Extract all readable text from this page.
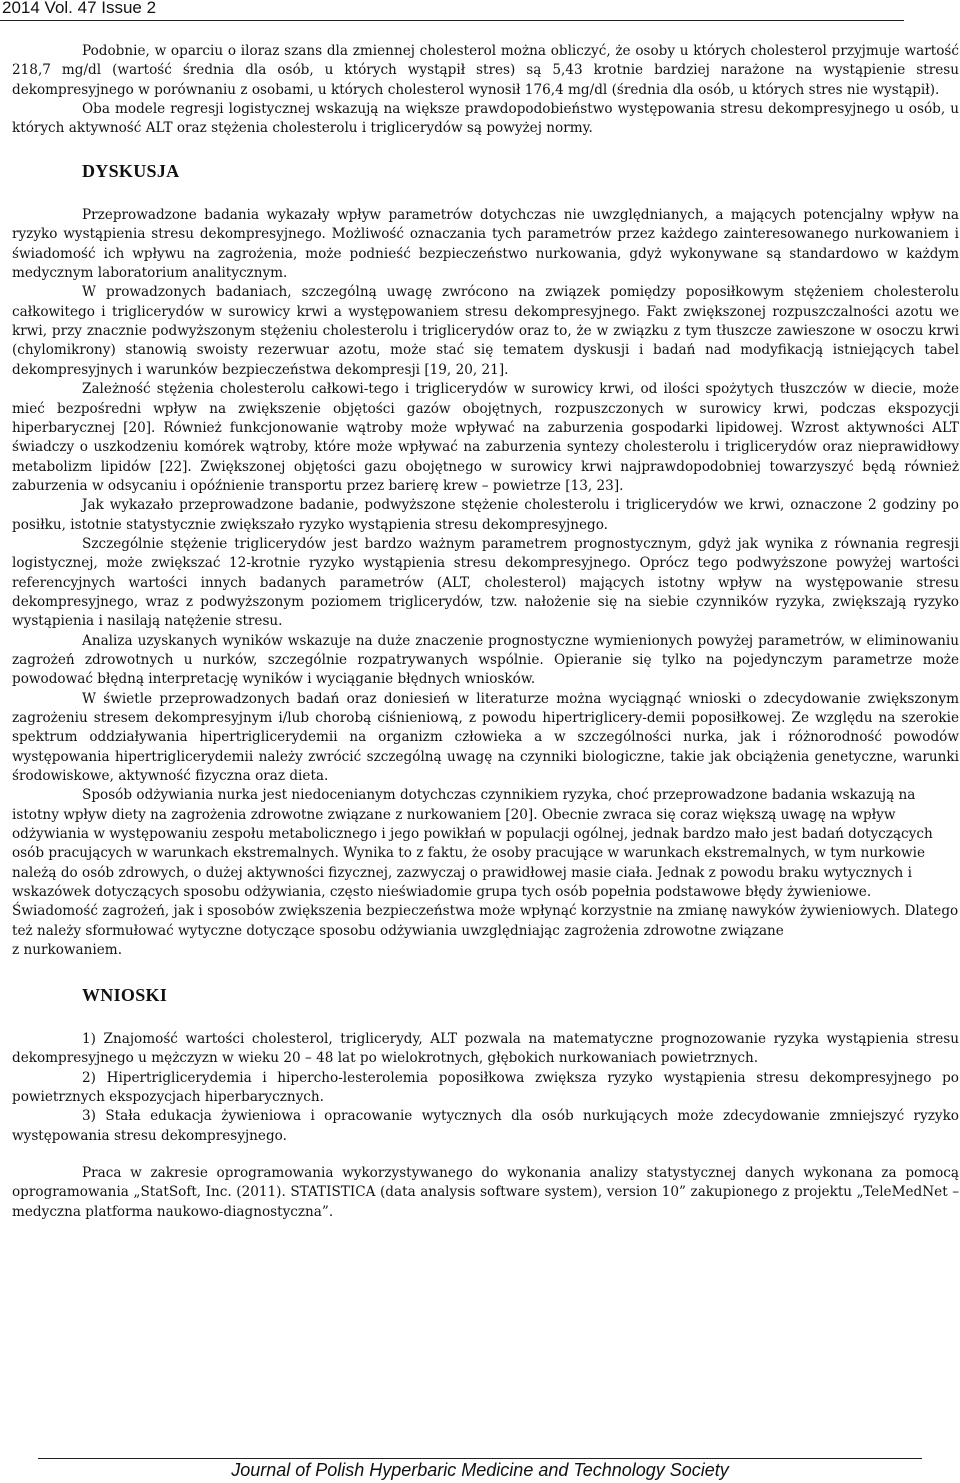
2014 Vol. 47 Issue 2

Podobnie, w oparciu o iloraz szans dla zmiennej cholesterol można obliczyć, że osoby u których cholesterol przyjmuje wartość 218,7 mg/dl (wartość średnia dla osób, u których wystąpił stres) są 5,43 krotnie bardziej narażone na wystąpienie stresu dekompresyjnego w porównaniu z osobami, u których cholesterol wynosił 176,4 mg/dl (średnia dla osób, u których stres nie wystąpił).

Oba modele regresji logistycznej wskazują na większe prawdopodobieństwo występowania stresu dekompresyjnego u osób, u których aktywność ALT oraz stężenia cholesterolu i triglicerydów są powyżej normy.

DYSKUSJA

Przeprowadzone badania wykazały wpływ parametrów dotychczas nie uwzględnianych, a mających potencjalny wpływ na ryzyko wystąpienia stresu dekompresyjnego. Możliwość oznaczania tych parametrów przez każdego zainteresowanego nurkowaniem i świadomość ich wpływu na zagrożenia, może podnieść bezpieczeństwo nurkowania, gdyż wykonywane są standardowo w każdym medycznym laboratorium analitycznym.

W prowadzonych badaniach, szczególną uwagę zwrócono na związek pomiędzy poposiłkowym stężeniem cholesterolu całkowitego i triglicerydów w surowicy krwi a występowaniem stresu dekompresyjnego. Fakt zwiększonej rozpuszczalności azotu we krwi, przy znacznie podwyższonym stężeniu cholesterolu i triglicerydów oraz to, że w związku z tym tłuszcze zawieszone w osoczu krwi (chylomikrony) stanowią swoisty rezerwuar azotu, może stać się tematem dyskusji i badań nad modyfikacją istniejących tabel dekompresyjnych i warunków bezpieczeństwa dekompresji [19, 20, 21].

Zależność stężenia cholesterolu całkowi-tego i triglicerydów w surowicy krwi, od ilości spożytych tłuszczów w diecie, może mieć bezpośredni wpływ na zwiększenie objętości gazów obojętnych, rozpuszczonych w surowicy krwi, podczas ekspozycji hiperbarycznej [20]. Również funkcjonowanie wątroby może wpływać na zaburzenia gospodarki lipidowej. Wzrost aktywności ALT świadczy o uszkodzeniu komórek wątroby, które może wpływać na zaburzenia syntezy cholesterolu i triglicerydów oraz nieprawidłowy metabolizm lipidów [22]. Zwiększonej objętości gazu obojętnego w surowicy krwi najprawdopodobniej towarzyszyć będą również zaburzenia w odsycaniu i opóźnienie transportu przez barierę krew – powietrze [13, 23].

Jak wykazało przeprowadzone badanie, podwyższone stężenie cholesterolu i triglicerydów we krwi, oznaczone 2 godziny po posiłku, istotnie statystycznie zwiększało ryzyko wystąpienia stresu dekompresyjnego.

Szczególnie stężenie triglicerydów jest bardzo ważnym parametrem prognostycznym, gdyż jak wynika z równania regresji logistycznej, może zwiększać 12-krotnie ryzyko wystąpienia stresu dekompresyjnego. Oprócz tego podwyższone powyżej wartości referencyjnych wartości innych badanych parametrów (ALT, cholesterol) mających istotny wpływ na występowanie stresu dekompresyjnego, wraz z podwyższonym poziomem triglicerydów, tzw. nałożenie się na siebie czynników ryzyka, zwiększają ryzyko wystąpienia i nasilają natężenie stresu.

Analiza uzyskanych wyników wskazuje na duże znaczenie prognostyczne wymienionych powyżej parametrów, w eliminowaniu zagrożeń zdrowotnych u nurków, szczególnie rozpatrywanych wspólnie. Opieranie się tylko na pojedynczym parametrze może powodować błędną interpretację wyników i wyciąganie błędnych wniosków.

W świetle przeprowadzonych badań oraz doniesień w literaturze można wyciągnąć wnioski o zdecydowanie zwiększonym zagrożeniu stresem dekompresyjnym i/lub chorobą ciśnieniową, z powodu hipertriglicery-demii poposiłkowej. Ze względu na szerokie spektrum oddziaływania hipertriglicerydemii na organizm człowieka a w szczególności nurka, jak i różnorodność powodów występowania hipertriglicerydemii należy zwrócić szczególną uwagę na czynniki biologiczne, takie jak obciążenia genetyczne, warunki środowiskowe, aktywność fizyczna oraz dieta.

Sposób odżywiania nurka jest niedocenianym dotychczas czynnikiem ryzyka, choć przeprowadzone badania wskazują na istotny wpływ diety na zagrożenia zdrowotne związane z nurkowaniem [20]. Obecnie zwraca się coraz większą uwagę na wpływ odżywiania w występowaniu zespołu metabolicznego i jego powikłań w populacji ogólnej, jednak bardzo mało jest badań dotyczących osób pracujących w warunkach ekstremalnych. Wynika to z faktu, że osoby pracujące w warunkach ekstremalnych, w tym nurkowie należą do osób zdrowych, o dużej aktywności fizycznej, zazwyczaj o prawidłowej masie ciała. Jednak z powodu braku wytycznych i wskazówek dotyczących sposobu odżywiania, często nieświadomie grupa tych osób popełnia podstawowe błędy żywieniowe. Świadomość zagrożeń, jak i sposobów zwiększenia bezpieczeństwa może wpłynąć korzystnie na zmianę nawyków żywieniowych. Dlatego też należy sformułować wytyczne dotyczące sposobu odżywiania uwzględniając zagrożenia zdrowotne związane

z nurkowaniem.

WNIOSKI

1) Znajomość wartości cholesterol, triglicerydy, ALT pozwala na matematyczne prognozowanie ryzyka wystąpienia stresu dekompresyjnego u mężczyzn w wieku 20 – 48 lat po wielokrotnych, głębokich nurkowaniach powietrznych.

2) Hipertriglicerydemia i hipercho-lesterolemia poposiłkowa zwiększa ryzyko wystąpienia stresu dekompresyjnego po powietrznych ekspozycjach hiperbarycznych.

3) Stała edukacja żywieniowa i opracowanie wytycznych dla osób nurkujących może zdecydowanie zmniejszyć ryzyko występowania stresu dekompresyjnego.

Praca w zakresie oprogramowania wykorzystywanego do wykonania analizy statystycznej danych wykonana za pomocą oprogramowania „StatSoft, Inc. (2011). STATISTICA (data analysis software system), version 10” zakupionego z projektu „TeleMedNet – medyczna platforma naukowo-diagnostyczna”.

Journal of Polish Hyperbaric Medicine and Technology Society
